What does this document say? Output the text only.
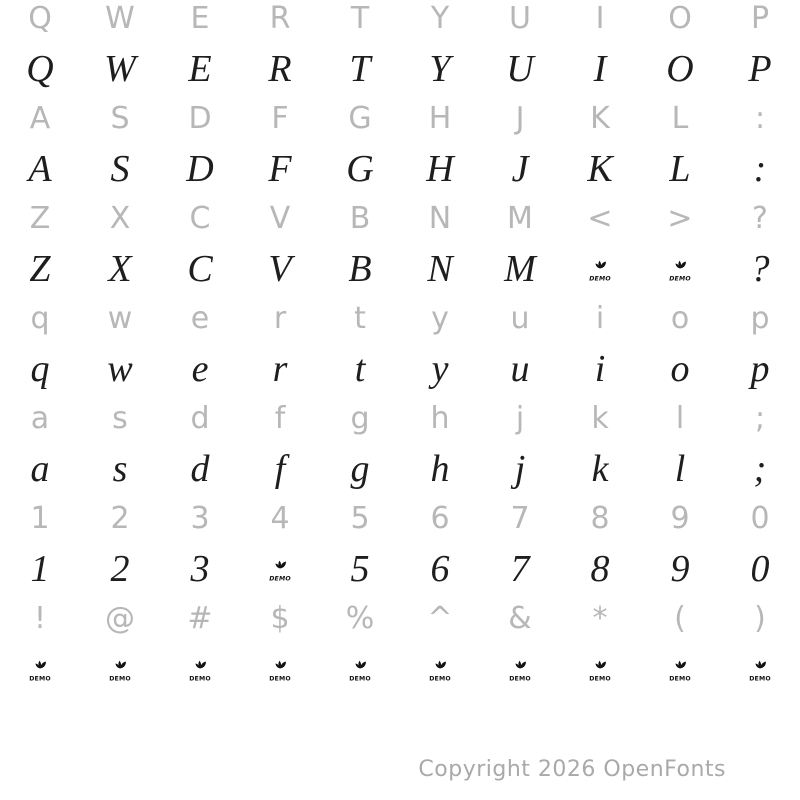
Q	W	E	R	T	Y	U	I	O	P
Q	W	E	R	T	Y	U	I	O	P
A	S	D	F	G	H	J	K	L	:
A	S	D	F	G	H	J	K	L	:
Z	X	C	V	B	N	M	<	>	?
Z	X	C	V	B	N	M	DEMO	DEMO	?
q	w	e	r	t	y	u	i	o	p
q	w	e	r	t	y	u	i	o	p
a	s	d	f	g	h	j	k	l	;
a	s	d	f	g	h	j	k	l	;
1	2	3	4	5	6	7	8	9	0
1	2	3	DEMO	5	6	7	8	9	0
!	@	#	$	%	^	&	*	(	)
DEMO	DEMO	DEMO	DEMO	DEMO	DEMO	DEMO	DEMO	DEMO	DEMO
Copyright 2026 OpenFonts
